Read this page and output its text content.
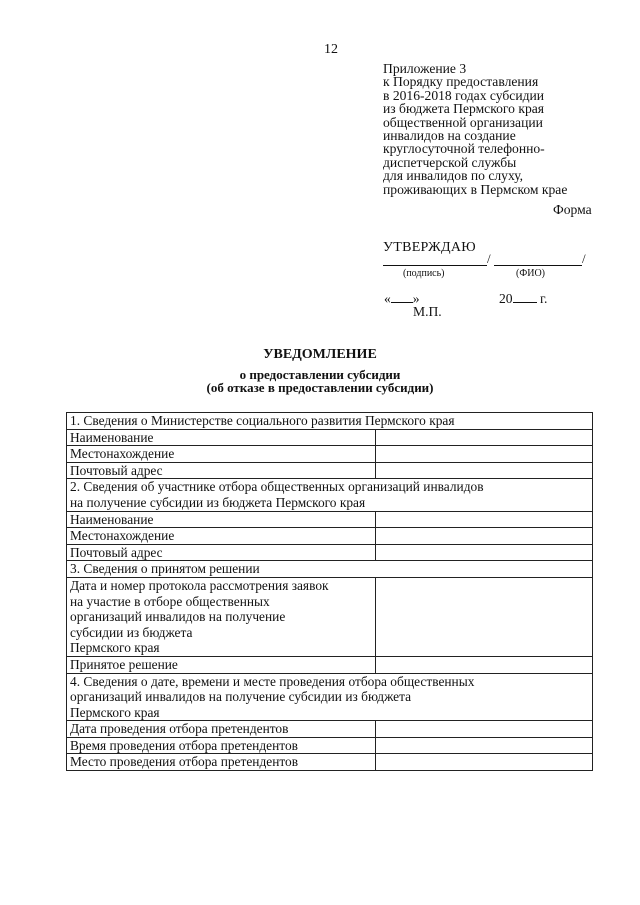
12
Приложение 3
к Порядку предоставления
в 2016-2018 годах субсидии
из бюджета Пермского края
общественной организации
инвалидов на создание
круглосуточной телефонно-
диспетчерской службы
для инвалидов по слуху,
проживающих в Пермском крае
Форма
УТВЕРЖДАЮ
/	/
(подпись)	(ФИО)
« »	20 г.
М.П.
УВЕДОМЛЕНИЕ
о предоставлении субсидии
(об отказе в предоставлении субсидии)
1. Сведения о Министерстве социального развития Пермского края	
Наименование	
Местонахождение	
Почтовый адрес	

2. Сведения об участнике отбора общественных организаций инвалидов
на получение субсидии из бюджета Пермского края	

Наименование	
Местонахождение	
Почтовый адрес	
3. Сведения о принятом решении	

Дата и номер протокола рассмотрения заявок
на участие в отборе общественных
организаций инвалидов на получение
субсидии из бюджета
Пермского края	

Принятое решение	

4. Сведения о дате, времени и месте проведения отбора общественных
организаций инвалидов на получение субсидии из бюджета
Пермского края	

Дата проведения отбора претендентов	
Время проведения отбора претендентов	
Место проведения отбора претендентов	
